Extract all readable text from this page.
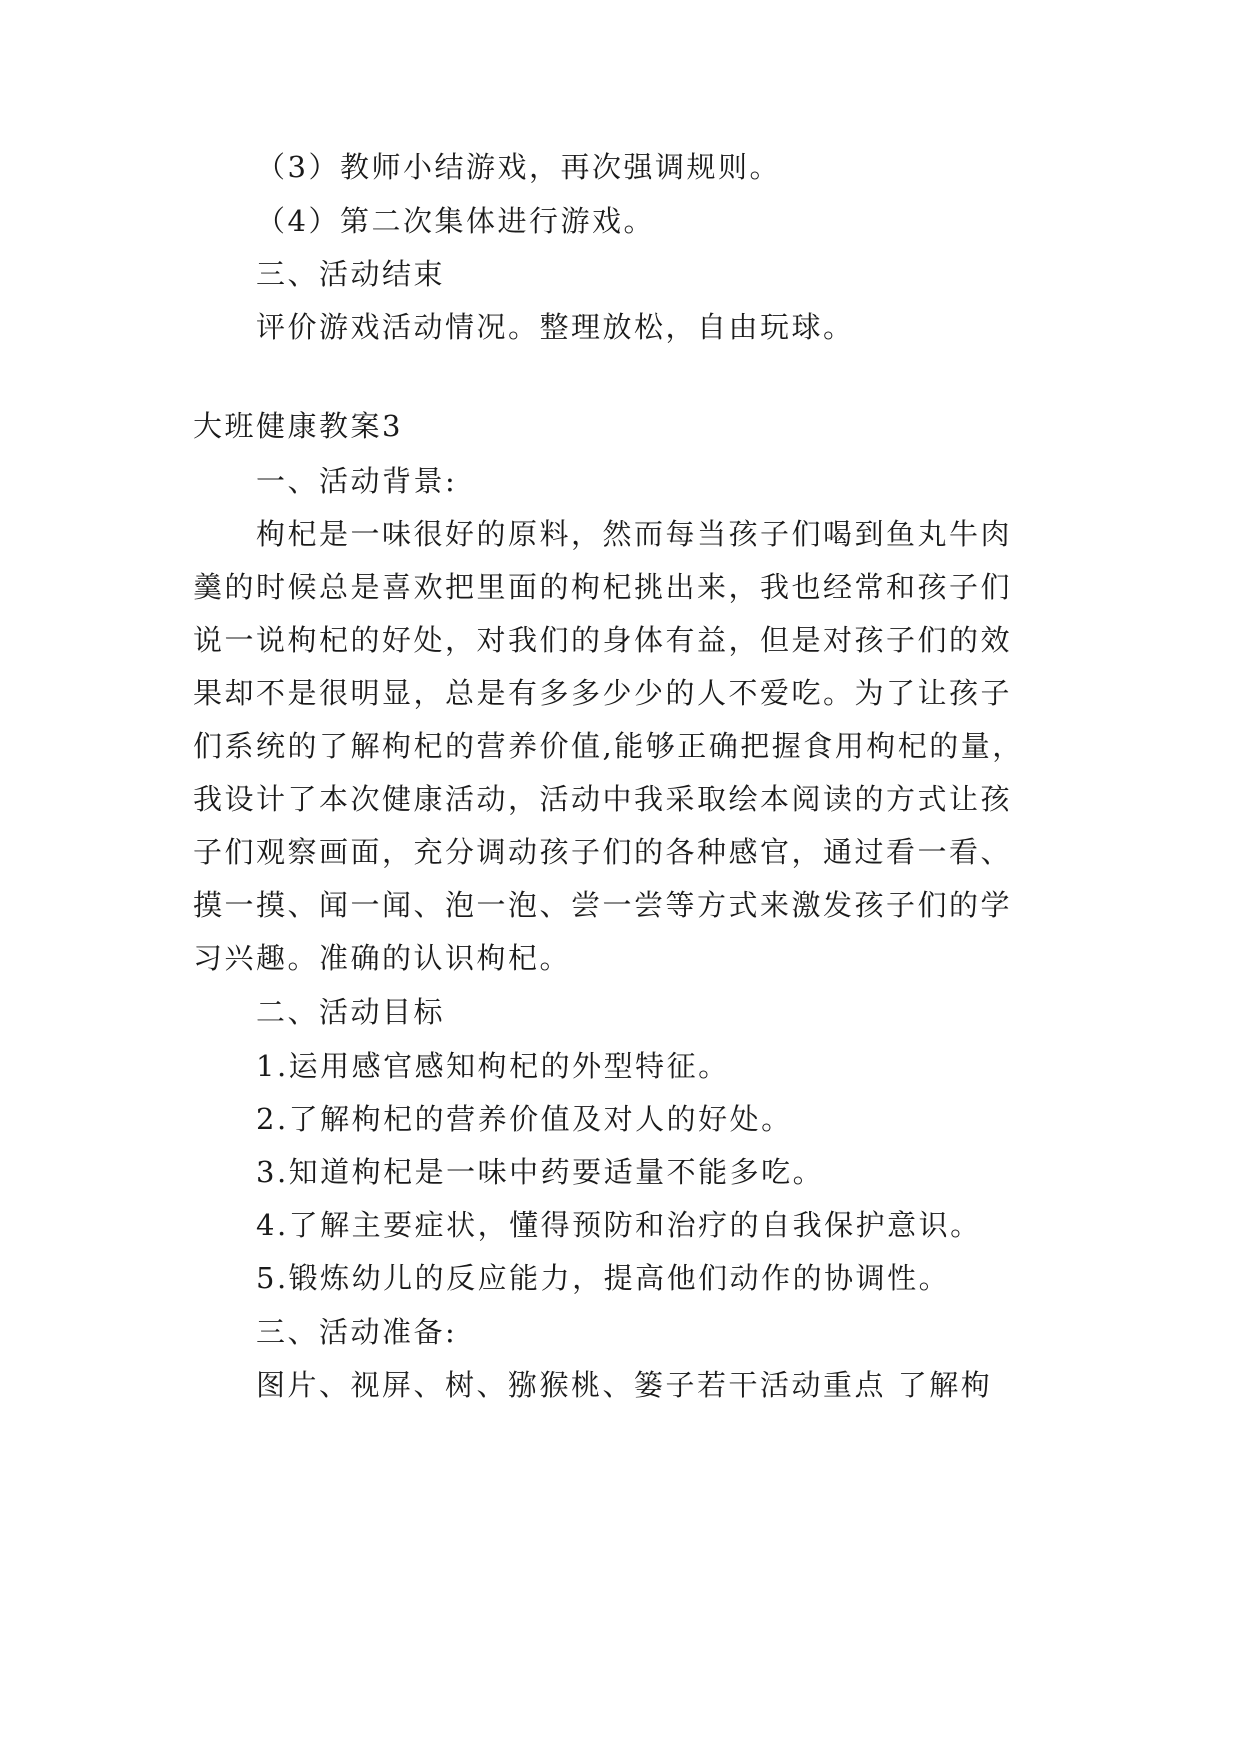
（3）教师小结游戏，再次强调规则。
（4）第二次集体进行游戏。
三、活动结束
评价游戏活动情况。整理放松，自由玩球。
大班健康教案3
一、活动背景:
枸杞是一味很好的原料，然而每当孩子们喝到鱼丸牛肉
羹的时候总是喜欢把里面的枸杞挑出来，我也经常和孩子们
说一说枸杞的好处，对我们的身体有益，但是对孩子们的效
果却不是很明显，总是有多多少少的人不爱吃。为了让孩子
们系统的了解枸杞的营养价值,能够正确把握食用枸杞的量，
我设计了本次健康活动，活动中我采取绘本阅读的方式让孩
子们观察画面，充分调动孩子们的各种感官，通过看一看、
摸一摸、闻一闻、泡一泡、尝一尝等方式来激发孩子们的学
习兴趣。准确的认识枸杞。
二、活动目标
1.运用感官感知枸杞的外型特征。
2.了解枸杞的营养价值及对人的好处。
3.知道枸杞是一味中药要适量不能多吃。
4.了解主要症状，懂得预防和治疗的自我保护意识。
5.锻炼幼儿的反应能力，提高他们动作的协调性。
三、活动准备:
图片、视屏、树、猕猴桃、篓子若干活动重点 了解枸
